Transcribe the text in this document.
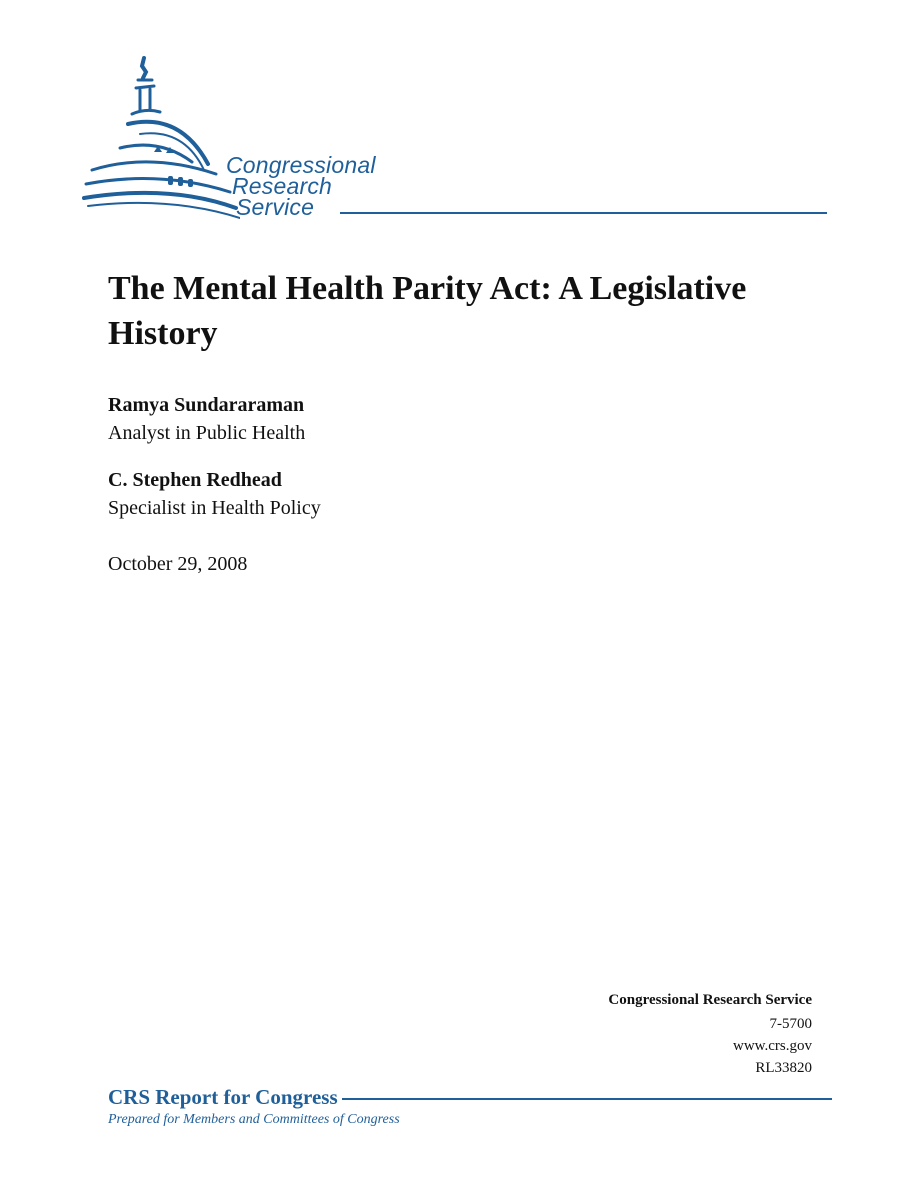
Congressional
Research
Service
The Mental Health Parity Act: A Legislative History
Ramya Sundararaman
Analyst in Public Health
C. Stephen Redhead
Specialist in Health Policy
October 29, 2008
Congressional Research Service
7-5700
www.crs.gov
RL33820
CRS Report for Congress
Prepared for Members and Committees of Congress
